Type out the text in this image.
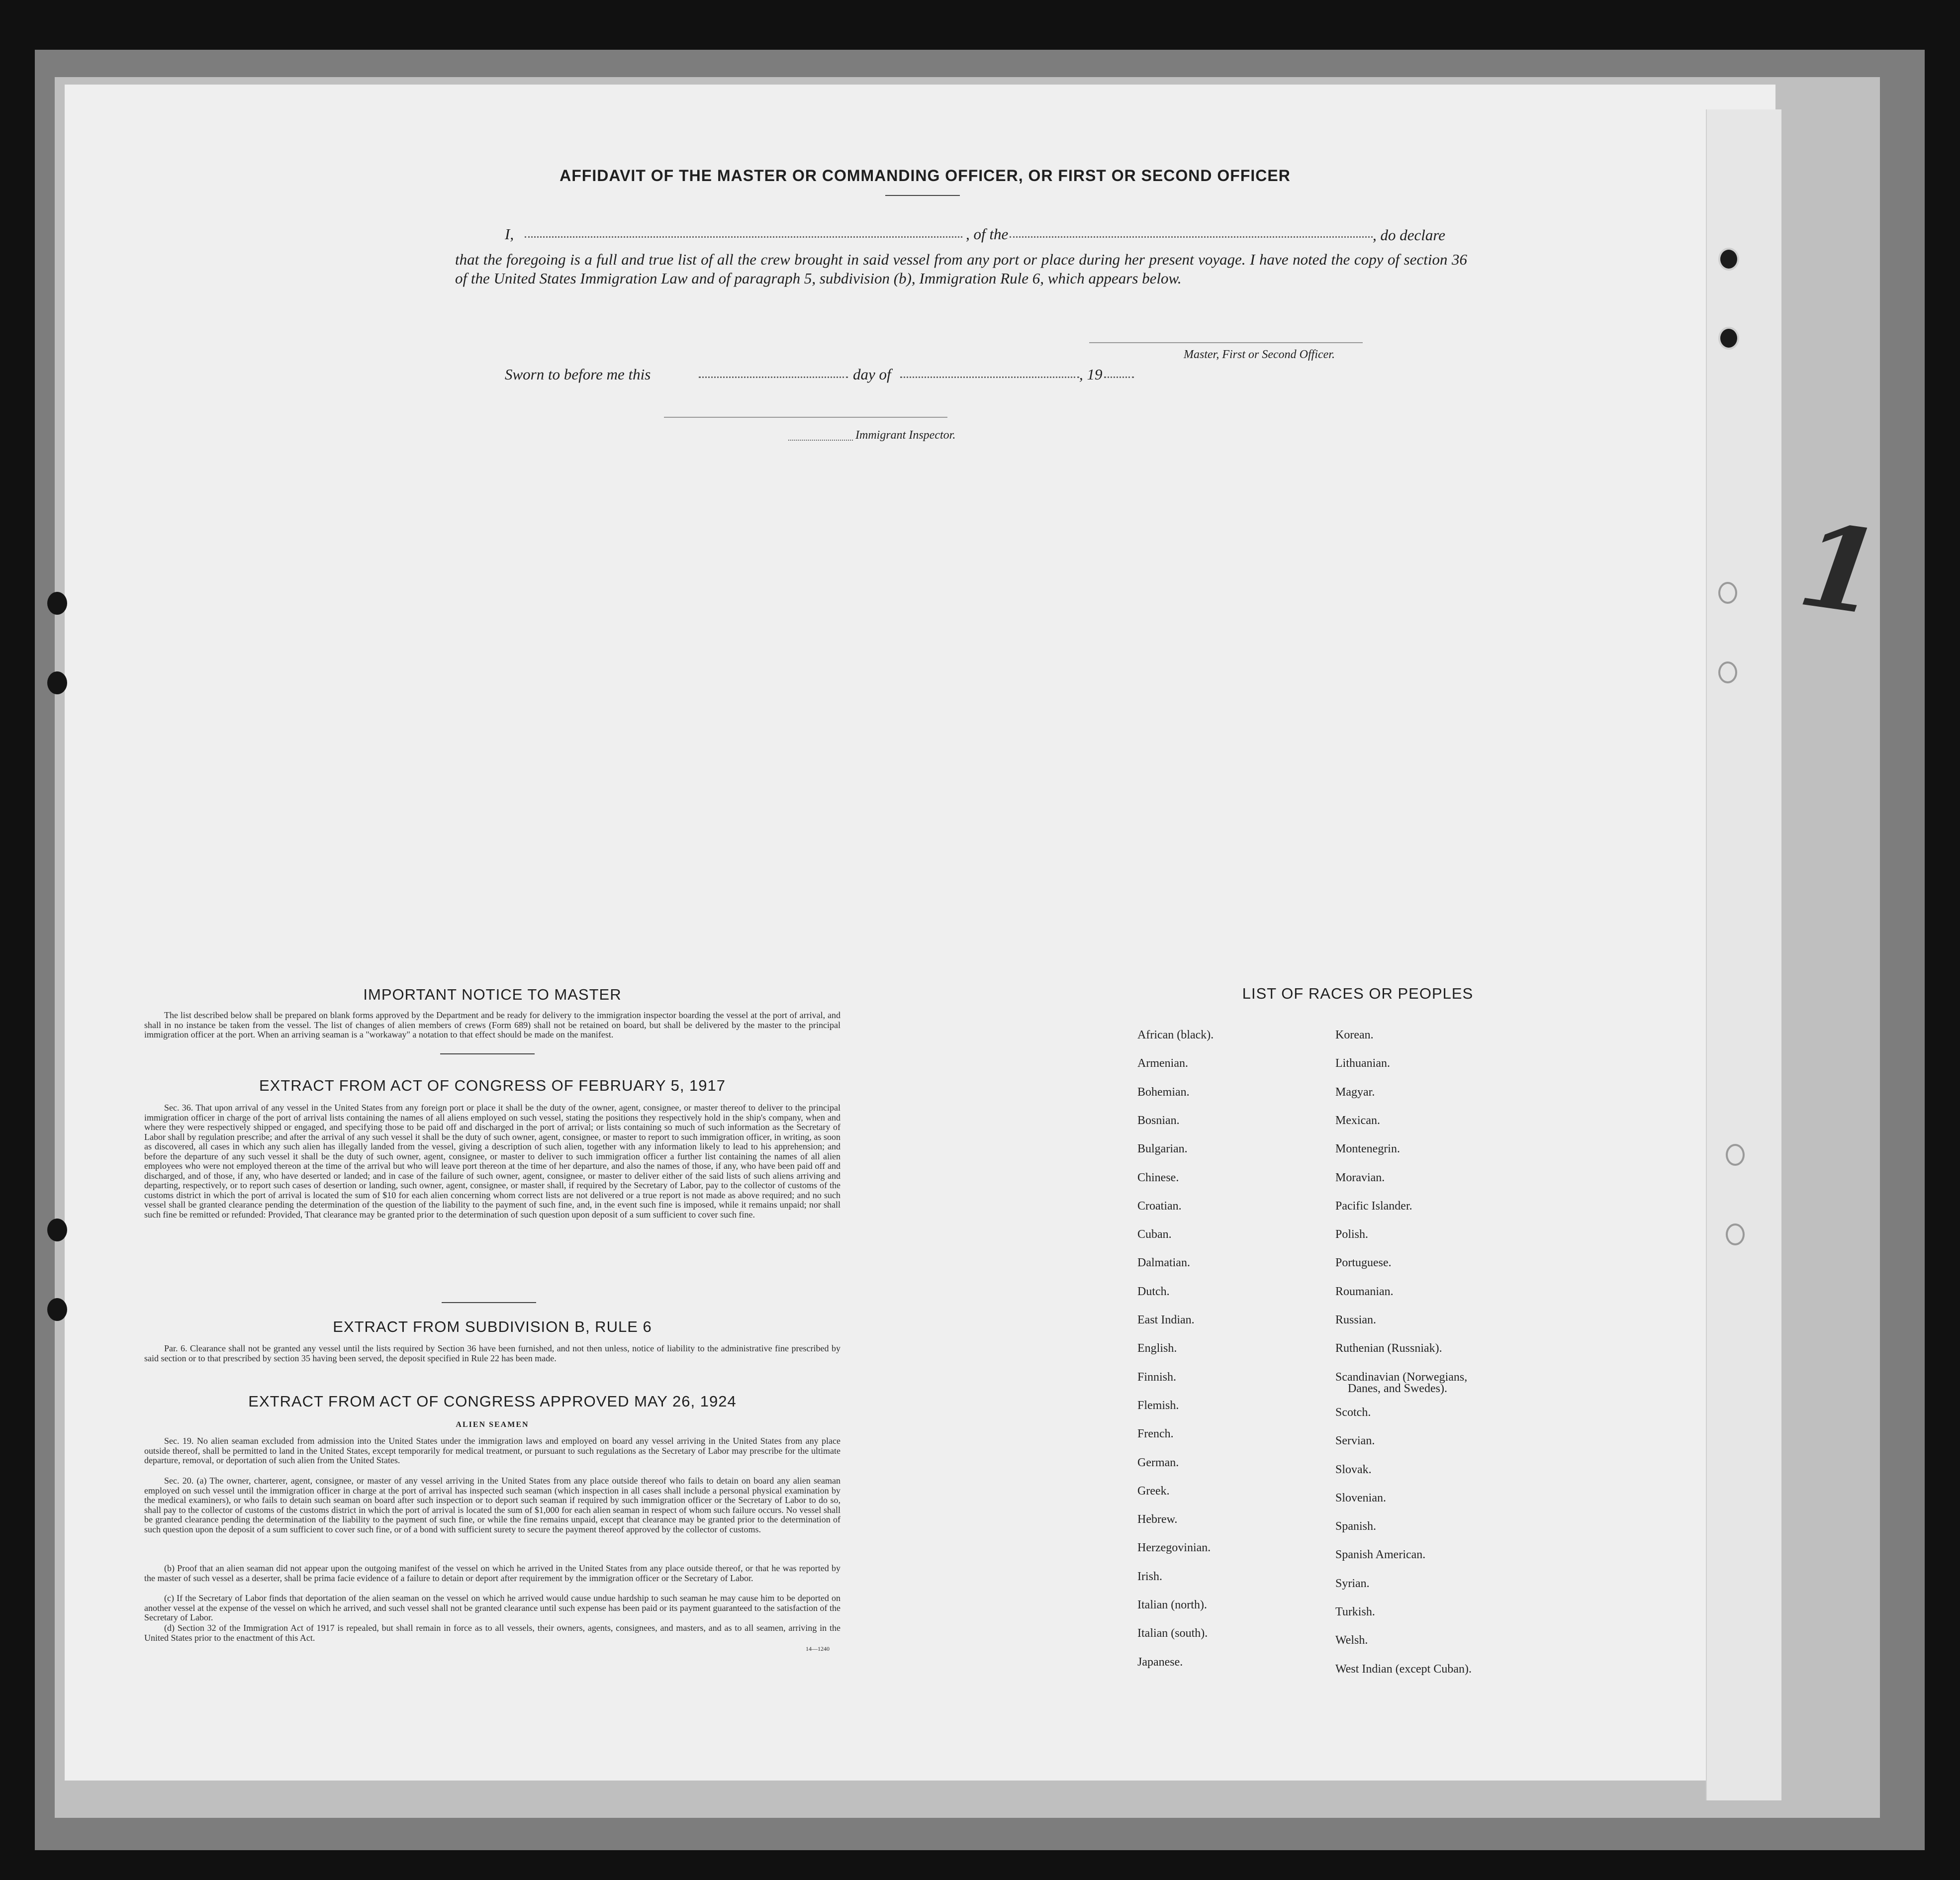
AFFIDAVIT OF THE MASTER OR COMMANDING OFFICER, OR FIRST OR SECOND OFFICER
I,	, of the	, do declare
that the foregoing is a full and true list of all the crew brought in said vessel from any port or place during her present voyage. I have noted the copy of section 36 of the United States Immigration Law and of paragraph 5, subdivision (b), Immigration Rule 6, which appears below.
Master, First or Second Officer.
Sworn to before me this	day of	, 19
Immigrant Inspector.
IMPORTANT NOTICE TO MASTER
The list described below shall be prepared on blank forms approved by the Department and be ready for delivery to the immigration inspector boarding the vessel at the port of arrival, and shall in no instance be taken from the vessel. The list of changes of alien members of crews (Form 689) shall not be retained on board, but shall be delivered by the master to the principal immigration officer at the port. When an arriving seaman is a "workaway" a notation to that effect should be made on the manifest.
EXTRACT FROM ACT OF CONGRESS OF FEBRUARY 5, 1917
Sec. 36. That upon arrival of any vessel in the United States from any foreign port or place it shall be the duty of the owner, agent, consignee, or master thereof to deliver to the principal immigration officer in charge of the port of arrival lists containing the names of all aliens employed on such vessel, stating the positions they respectively hold in the ship's company, when and where they were respectively shipped or engaged, and specifying those to be paid off and discharged in the port of arrival; or lists containing so much of such information as the Secretary of Labor shall by regulation prescribe; and after the arrival of any such vessel it shall be the duty of such owner, agent, consignee, or master to report to such immigration officer, in writing, as soon as discovered, all cases in which any such alien has illegally landed from the vessel, giving a description of such alien, together with any information likely to lead to his apprehension; and before the departure of any such vessel it shall be the duty of such owner, agent, consignee, or master to deliver to such immigration officer a further list containing the names of all alien employees who were not employed thereon at the time of the arrival but who will leave port thereon at the time of her departure, and also the names of those, if any, who have been paid off and discharged, and of those, if any, who have deserted or landed; and in case of the failure of such owner, agent, consignee, or master to deliver either of the said lists of such aliens arriving and departing, respectively, or to report such cases of desertion or landing, such owner, agent, consignee, or master shall, if required by the Secretary of Labor, pay to the collector of customs of the customs district in which the port of arrival is located the sum of $10 for each alien concerning whom correct lists are not delivered or a true report is not made as above required; and no such vessel shall be granted clearance pending the determination of the question of the liability to the payment of such fine, and, in the event such fine is imposed, while it remains unpaid; nor shall such fine be remitted or refunded: Provided, That clearance may be granted prior to the determination of such question upon deposit of a sum sufficient to cover such fine.
EXTRACT FROM SUBDIVISION B, RULE 6
Par. 6. Clearance shall not be granted any vessel until the lists required by Section 36 have been furnished, and not then unless, notice of liability to the administrative fine prescribed by said section or to that prescribed by section 35 having been served, the deposit specified in Rule 22 has been made.
EXTRACT FROM ACT OF CONGRESS APPROVED MAY 26, 1924
ALIEN SEAMEN
Sec. 19. No alien seaman excluded from admission into the United States under the immigration laws and employed on board any vessel arriving in the United States from any place outside thereof, shall be permitted to land in the United States, except temporarily for medical treatment, or pursuant to such regulations as the Secretary of Labor may prescribe for the ultimate departure, removal, or deportation of such alien from the United States.
Sec. 20. (a) The owner, charterer, agent, consignee, or master of any vessel arriving in the United States from any place outside thereof who fails to detain on board any alien seaman employed on such vessel until the immigration officer in charge at the port of arrival has inspected such seaman (which inspection in all cases shall include a personal physical examination by the medical examiners), or who fails to detain such seaman on board after such inspection or to deport such seaman if required by such immigration officer or the Secretary of Labor to do so, shall pay to the collector of customs of the customs district in which the port of arrival is located the sum of $1,000 for each alien seaman in respect of whom such failure occurs. No vessel shall be granted clearance pending the determination of the liability to the payment of such fine, or while the fine remains unpaid, except that clearance may be granted prior to the determination of such question upon the deposit of a sum sufficient to cover such fine, or of a bond with sufficient surety to secure the payment thereof approved by the collector of customs.
(b) Proof that an alien seaman did not appear upon the outgoing manifest of the vessel on which he arrived in the United States from any place outside thereof, or that he was reported by the master of such vessel as a deserter, shall be prima facie evidence of a failure to detain or deport after requirement by the immigration officer or the Secretary of Labor.
(c) If the Secretary of Labor finds that deportation of the alien seaman on the vessel on which he arrived would cause undue hardship to such seaman he may cause him to be deported on another vessel at the expense of the vessel on which he arrived, and such vessel shall not be granted clearance until such expense has been paid or its payment guaranteed to the satisfaction of the Secretary of Labor.
(d) Section 32 of the Immigration Act of 1917 is repealed, but shall remain in force as to all vessels, their owners, agents, consignees, and masters, and as to all seamen, arriving in the United States prior to the enactment of this Act.
14—1240
LIST OF RACES OR PEOPLES
African (black).
Armenian.
Bohemian.
Bosnian.
Bulgarian.
Chinese.
Croatian.
Cuban.
Dalmatian.
Dutch.
East Indian.
English.
Finnish.
Flemish.
French.
German.
Greek.
Hebrew.
Herzegovinian.
Irish.
Italian (north).
Italian (south).
Japanese.
Korean.
Lithuanian.
Magyar.
Mexican.
Montenegrin.
Moravian.
Pacific Islander.
Polish.
Portuguese.
Roumanian.
Russian.
Ruthenian (Russniak).
Scandinavian (Norwegians,
Danes, and Swedes).
Scotch.
Servian.
Slovak.
Slovenian.
Spanish.
Spanish American.
Syrian.
Turkish.
Welsh.
West Indian (except Cuban).
1
